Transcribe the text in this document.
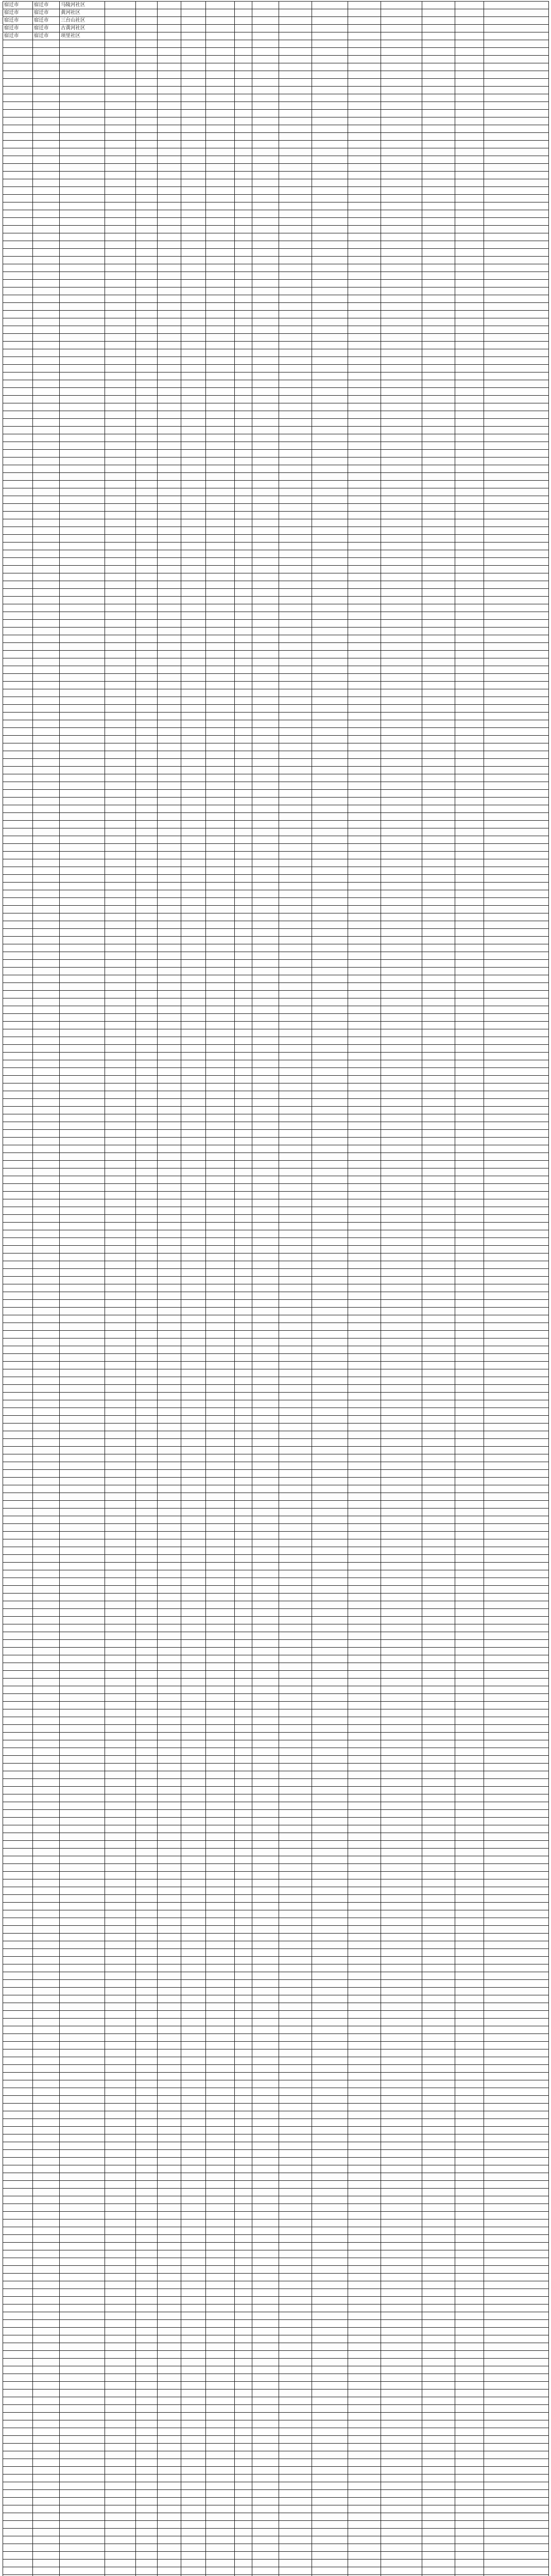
宿迁市	宿迁市	马陵河社区														
宿迁市	宿迁市	黄河社区														
宿迁市	宿迁市	三台山社区														
宿迁市	宿迁市	古黄河社区														
宿迁市	宿迁市	项里社区														
